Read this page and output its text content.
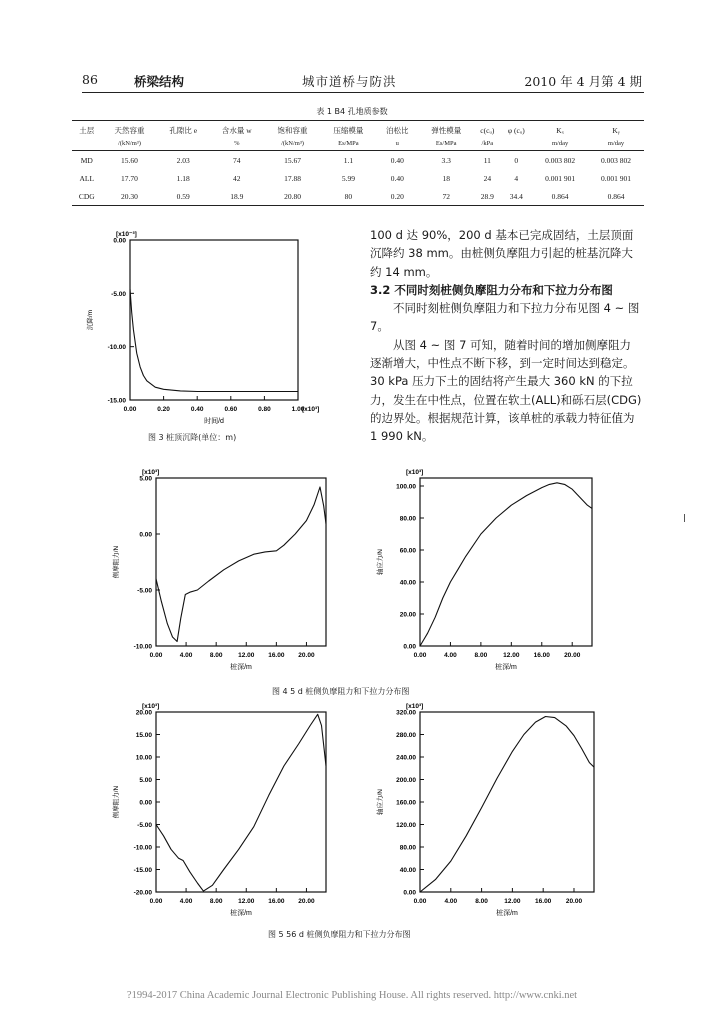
86	桥梁结构	城市道桥与防洪	2010 年 4 月第 4 期
表 1 B4 孔地质参数
土层	天然容重	孔隙比 e	含水量 w	饱和容重	压缩模量	泊松比	弹性模量	c(cᵤ)	φ (cᵤ)	Kₓ	Kᵧ
	/(kN/m³)		%	/(kN/m³)	Es/MPa	u	Es/MPa	/kPa		m/day	m/day
MD	15.60	2.03	74	15.67	1.1	0.40	3.3	11	0	0.003 802	0.003 802
ALL	17.70	1.18	42	17.88	5.99	0.40	18	24	4	0.001 901	0.001 901
CDG	20.30	0.59	18.9	20.80	80	0.20	72	28.9	34.4	0.864	0.864
[x10⁻³]
[x10³]
0.00
-5.00
-10.00
-15.00
0.00	0.20	0.40	0.60	0.80	1.00
时间/d
沉降/m
图 3 桩顶沉降(单位：m)

100 d 达 90%，200 d 基本已完成固结，土层顶面沉降约 38 mm。由桩侧负摩阻力引起的桩基沉降大约 14 mm。

3.2 不同时刻桩侧负摩阻力分布和下拉力分布图

不同时刻桩侧负摩阻力和下拉力分布见图 4 ~ 图 7。

从图 4 ~ 图 7 可知，随着时间的增加侧摩阻力逐渐增大，中性点不断下移，到一定时间达到稳定。30 kPa 压力下土的固结将产生最大 360 kN 的下拉力，发生在中性点，位置在软土(ALL)和砾石层(CDG)的边界处。根据规范计算，该单桩的承载力特征值为 1 990 kN。

[x10³]
5.00
0.00
-5.00
-10.00
0.00	4.00	8.00 12.00 16.00 20.00
桩深/m
侧摩阻力/N
[x10³]
0.00
20.00
40.00
60.00
80.00
100.00
0.00	4.00	8.00 12.00 16.00 20.00
桩深/m
轴应力/N
图 4 5 d 桩侧负摩阻力和下拉力分布图
[x10³]
20.00
15.00
10.00
5.00
0.00
-5.00
-10.00
-15.00
-20.00
0.00	4.00	8.00 12.00 16.00 20.00
桩深/m
侧摩阻力/N
[x10³]
0.00
40.00
80.00
120.00
160.00
200.00
240.00
280.00
320.00
0.00	4.00	8.00	12.00 16.00 20.00
桩深/m
轴应力/N
图 5 56 d 桩侧负摩阻力和下拉力分布图
?1994-2017 China Academic Journal Electronic Publishing House. All rights reserved. http://www.cnki.net
